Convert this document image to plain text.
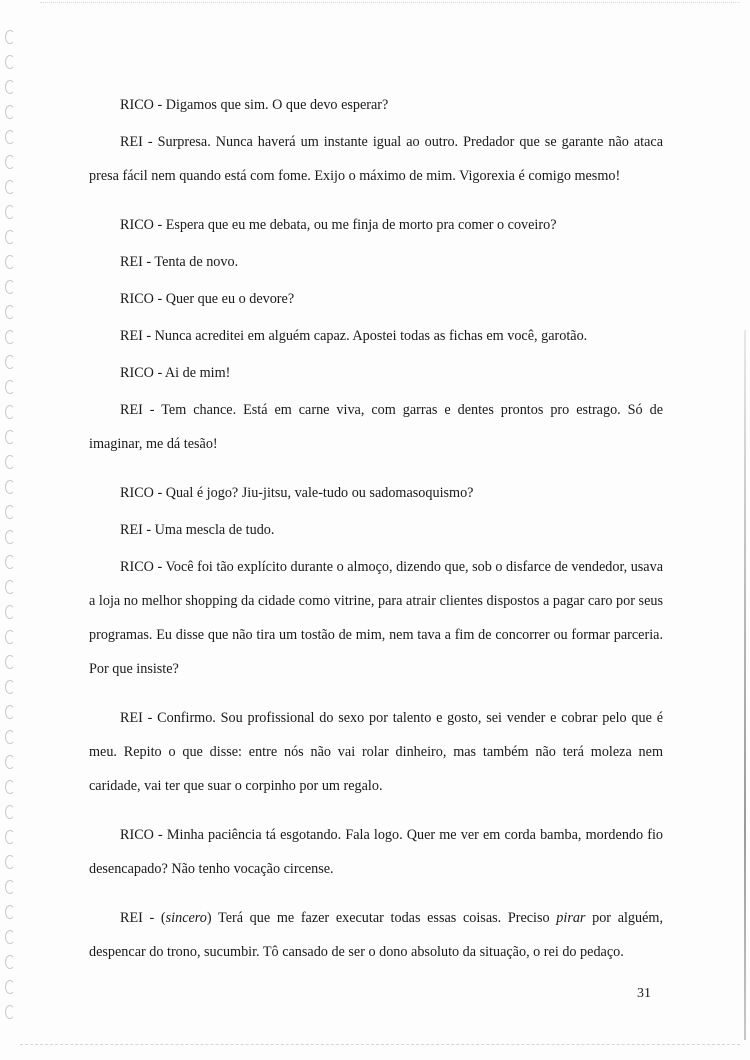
RICO - Digamos que sim. O que devo esperar?

REI - Surpresa. Nunca haverá um instante igual ao outro. Predador que se garante não ataca presa fácil nem quando está com fome. Exijo o máximo de mim. Vigorexia é comigo mesmo!

RICO - Espera que eu me debata, ou me finja de morto pra comer o coveiro?

REI - Tenta de novo.

RICO - Quer que eu o devore?

REI - Nunca acreditei em alguém capaz. Apostei todas as fichas em você, garotão.

RICO - Ai de mim!

REI - Tem chance. Está em carne viva, com garras e dentes prontos pro estrago. Só de imaginar, me dá tesão!

RICO - Qual é jogo? Jiu-jitsu, vale-tudo ou sadomasoquismo?

REI - Uma mescla de tudo.

RICO - Você foi tão explícito durante o almoço, dizendo que, sob o disfarce de vendedor, usava a loja no melhor shopping da cidade como vitrine, para atrair clientes dispostos a pagar caro por seus programas. Eu disse que não tira um tostão de mim, nem tava a fim de concorrer ou formar parceria. Por que insiste?

REI - Confirmo. Sou profissional do sexo por talento e gosto, sei vender e cobrar pelo que é meu. Repito o que disse: entre nós não vai rolar dinheiro, mas também não terá moleza nem caridade, vai ter que suar o corpinho por um regalo.

RICO - Minha paciência tá esgotando. Fala logo. Quer me ver em corda bamba, mordendo fio desencapado? Não tenho vocação circense.

REI - (sincero) Terá que me fazer executar todas essas coisas. Preciso pirar por alguém, despencar do trono, sucumbir. Tô cansado de ser o dono absoluto da situação, o rei do pedaço.

31
